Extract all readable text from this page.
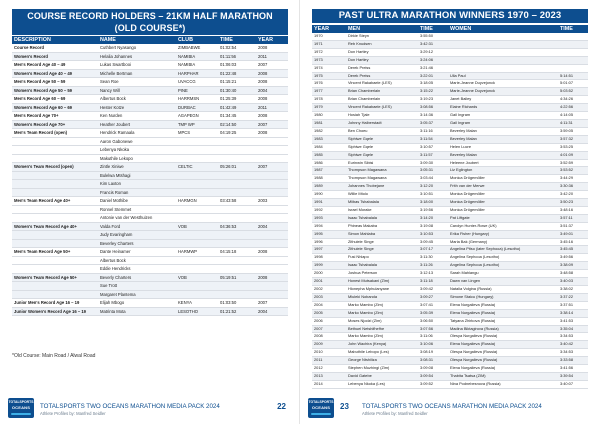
COURSE RECORD HOLDERS – 21KM HALF MARATHON
(OLD COURSE*)
DESCRIPTION	NAME	CLUB	TIME	YEAR
Course Record	Cuthbert Nyasango	ZIMBABWE	01:02:54	2008
Women's Record	Helalia Johannes	NAMIBIA	01:11:56	2011
Men's Record Age 40 – 49	Lukas Swartbooi	NAMIBIA	01:06:03	2007
Women's Record Age 40 – 49	Michelle Bertman	HARPHAR	01:22:48	2008
Men's Record Age 50 – 59	Sean Roe	UVACCG	01:15:21	2008
Women's Record Age 50 – 59	Nancy Will	PINE	01:30:40	2004
Men's Record Age 60 – 69	Albertus Bock	HARRMSN	01:25:39	2008
Women's Record Age 60 – 69	Hester Kotze	DURBAC	01:42:49	2011
Men's Record Age 70+	Ken Nurden	AGAPEGN	01:34:45	2008
Women's Record Age 70+	Heather Joubert	TMP WP	02:14:50	2007
Men's Team Record (open)	Hendrick Ramaala	MPCS	04:19:25	2008
	Aaron Gabonewe			
	Lebenya Nkoka			
	Makuthile Lekopo			
Women's Team Record (open)	Zintle Xiniwe	CELTIC	05:26:01	2007
	Bulelwa Mtshagi			
	Kim Laxton			
	Francis Roman			
Men's Team Record Age 40+	Daniel Mothibe	HARMGN	03:43:58	2003
	Ronnel Stemmet			
	Antonie van der Westhuizen			
Women's Team Record Age 40+	Valda Ford	VOB	04:36:53	2004
	Judy Evaringham			
	Beverley Charters			
Men's Team Record Age 50+	Dante Heinamer	HARMWP	04:15:18	2008
	Albertus Bock			
	Eddie Hendricks			
Women's Team Record Age 50+	Beverly Charters	VOB	05:19:51	2008
	Sue Trott			
	Margaret Plantema			
Junior Men's Record Age 16 – 19	Elijah Mbogo	KENYA	01:03:50	2007
Junior Women's Record Age 16 – 19	Matrinta Mota	LESOTHO	01:21:52	2004
*Old Course: Main Road / Alwal Road
TOTALSPORTS
OCEANS	TOTALSPORTS TWO OCEANS MARATHON MEDIA PACK 2024
Athlete Profiles by: Manfred Seidler
22
PAST ULTRA MARATHON WINNERS 1970 – 2023
YEAR	MEN	TIME	WOMEN	TIME
1970	Dirkie Steyn	3:55:50		
1971	Reb Knudsen	3:42:31		
1972	Don Hartley	3:29:12		
1973	Don Hartley	3:24:06		
1974	Derek Preiss	3:21:46		
1975	Derek Preiss	3:22:01	Ulla Paul	5:14:51
1976	Vincent Rakabaele (LES)	3:18:05	Marie-Jeanne Duyvejonck	5:01:07
1977	Brian Chamberlain	3:15:22	Marie-Jeanne Duyvejonck	5:03:52
1978	Brian Chamberlain	3:19:23	Janet Bailey	4:34:26
1979	Vincent Rakabaele (LES)	3:08:56	Elaine Richards	4:22:56
1980	Hosiah Tjale	3:14:36	Gail Ingram	4:14:05
1981	Johnny Halberstadt	3:05:37	Gail Ingram	4:11:31
1982	Ben Choeu	3:11:16	Beverley Malan	3:59:05
1983	Siphiwe Gqele	3:11:54	Beverley Malan	3:57:32
1984	Siphiwe Gqele	3:10:57	Helen Lucre	3:53:25
1985	Siphiwe Gqele	3:11:57	Beverley Malan	4:01:09
1986	Eurinwin Sibisi	3:09:30	Heleene Joubert	3:52:59
1987	Thompson Magawana	3:05:31	Liz Eglington	3:53:52
1988	Thompson Magawana	3:03:44	Monica Drögemöller	3:44:29
1989	Johannes Thobejane	3:12:20	Frith van der Merwe	3:30:36
1990	Willie Mtolo	3:10:51	Monica Drögemöller	3:42:20
1991	Mlibas Tshabalala	3:18:00	Monica Drögemöller	3:50:23
1992	Israel Morake	3:19:56	Monica Drögemöller	3:48:16
1993	Isaac Tshabalala	3:14:20	Pat Liftgate	3:57:11
1994	Phineas Makaba	3:19:08	Carolyn Hunter-Rowe (UK)	3:51:37
1995	Simon Mahlaba	3:10:53	Erika Fisher (Hungary)	3:49:01
1996	Zithulele Singe	3:09:45	Maria Bak (Germany)	3:45:16
1997	Zithulele Singe	3:07:17	Angelina Pitso (later Sephooa) (Lesotho)	3:45:45
1998	Fusi Nhlapo	3:11:30	Angelina Sephooa (Lesotho)	3:49:56
1999	Isaac Tshabalala	3:11:26	Angelina Sephooa (Lesotho)	3:38:09
2000	Joshua Peterson	3:12:13	Sarah Mahlangu	3:48:58
2001	Honest Mutsakani (Zim)	3:11:18	Dawn van Lingen	3:40:03
2002	Hlonepha Mphulanyane	3:09:42	Natalia Volgina (Russia)	3:38:02
2003	Mluleki Nobanda	3:09:27	Simone Staicu (Hungary)	3:37:22
2004	Marko Mambo (Zim)	3:07:41	Elena Nurgalieva (Russia)	3:37:51
2005	Marko Mambo (Zim)	3:05:39	Elena Nurgalieva (Russia)	3:38:14
2006	Moses Njodzi (Zim)	3:06:50	Tatyana Zhirkova (Russia)	3:41:53
2007	Bethuel Netshifhefhe	3:07:56	Madina Biktagirova (Russia)	3:35:04
2008	Marko Mambo (Zim)	3:11:06	Olesya Nurgalieva (Russia)	3:34:53
2009	John Wachira (Kenya)	3:10:06	Elena Nurgalieva (Russia)	3:40:42
2010	Mabuthile Lebopo (Les)	3:08:19	Olesya Nurgalieva (Russia)	3:34:53
2011	George Ntshiliza	3:08:31	Olesya Nurgalieva (Russia)	3:33:58
2012	Stephen Muzhingi (Zim)	3:09:08	Elena Nurgalieva (Russia)	3:41:56
2013	David Gatebe	3:09:54	Thabita Tsatsa (ZIM)	3:39:54
2014	Lebenya Nkoka (Les)	3:09:52	Nina Podnebesnova (Russia)	3:40:07
TOTALSPORTS
OCEANS	23 TOTALSPORTS TWO OCEANS MARATHON MEDIA PACK 2024
Athlete Profiles by: Manfred Seidler
